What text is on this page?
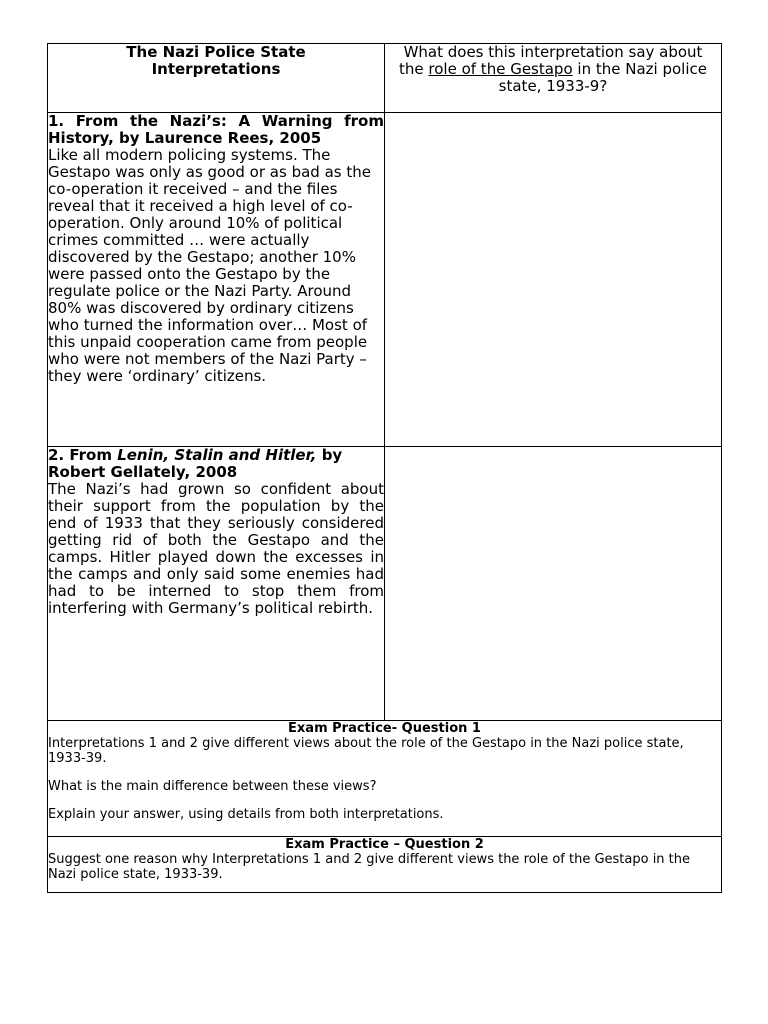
The Nazi Police State
Interpretations	What does this interpretation say about the role of the Gestapo in the Nazi police state, 1933-9?

1. From the Nazi’s: A Warning from History, by Laurence Rees, 2005
Like all modern policing systems. The Gestapo was only as good or as bad as the co-operation it received – and the files reveal that it received a high level of co-operation. Only around 10% of political crimes committed … were actually discovered by the Gestapo; another 10% were passed onto the Gestapo by the regulate police or the Nazi Party. Around 80% was discovered by ordinary citizens who turned the information over… Most of this unpaid cooperation came from people who were not members of the Nazi Party – they were ‘ordinary’ citizens.	

2. From Lenin, Stalin and Hitler, by Robert Gellately, 2008
The Nazi’s had grown so confident about their support from the population by the end of 1933 that they seriously considered getting rid of both the Gestapo and the camps. Hitler played down the excesses in the camps and only said some enemies had had to be interned to stop them from interfering with Germany’s political rebirth.	

Exam Practice- Question 1

Interpretations 1 and 2 give different views about the role of the Gestapo in the Nazi police state, 1933-39.

What is the main difference between these views?

Explain your answer, using details from both interpretations.	

Exam Practice – Question 2

Suggest one reason why Interpretations 1 and 2 give different views the role of the Gestapo in the Nazi police state, 1933-39.	
